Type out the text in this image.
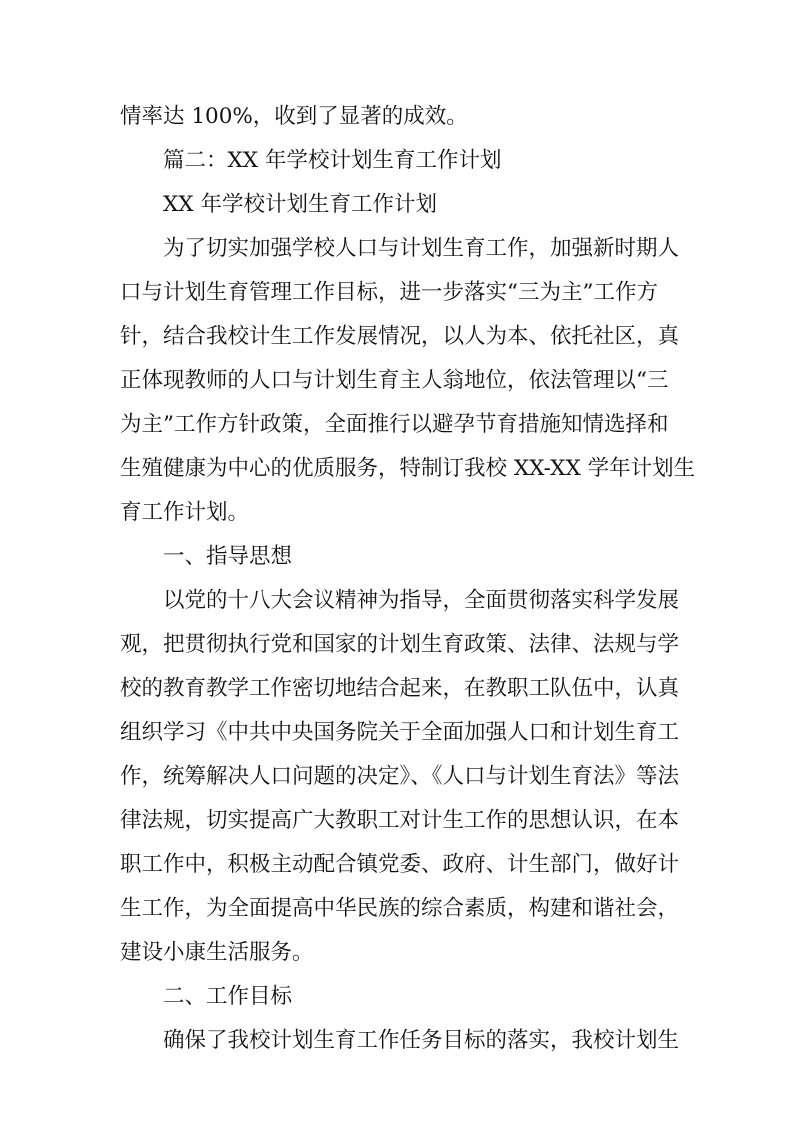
情率达 100%，收到了显著的成效。
篇二：XX 年学校计划生育工作计划
XX 年学校计划生育工作计划
为了切实加强学校人口与计划生育工作，加强新时期人
口与计划生育管理工作目标，进一步落实“三为主”工作方
针，结合我校计生工作发展情况，以人为本、依托社区，真
正体现教师的人口与计划生育主人翁地位，依法管理以“三
为主”工作方针政策，全面推行以避孕节育措施知情选择和
生殖健康为中心的优质服务，特制订我校 XX-XX 学年计划生
育工作计划。
一、指导思想
以党的十八大会议精神为指导，全面贯彻落实科学发展
观，把贯彻执行党和国家的计划生育政策、法律、法规与学
校的教育教学工作密切地结合起来，在教职工队伍中，认真
组织学习《中共中央国务院关于全面加强人口和计划生育工
作，统筹解决人口问题的决定》、《人口与计划生育法》等法
律法规，切实提高广大教职工对计生工作的思想认识，在本
职工作中，积极主动配合镇党委、政府、计生部门，做好计
生工作，为全面提高中华民族的综合素质，构建和谐社会，
建设小康生活服务。
二、工作目标
确保了我校计划生育工作任务目标的落实，我校计划生
